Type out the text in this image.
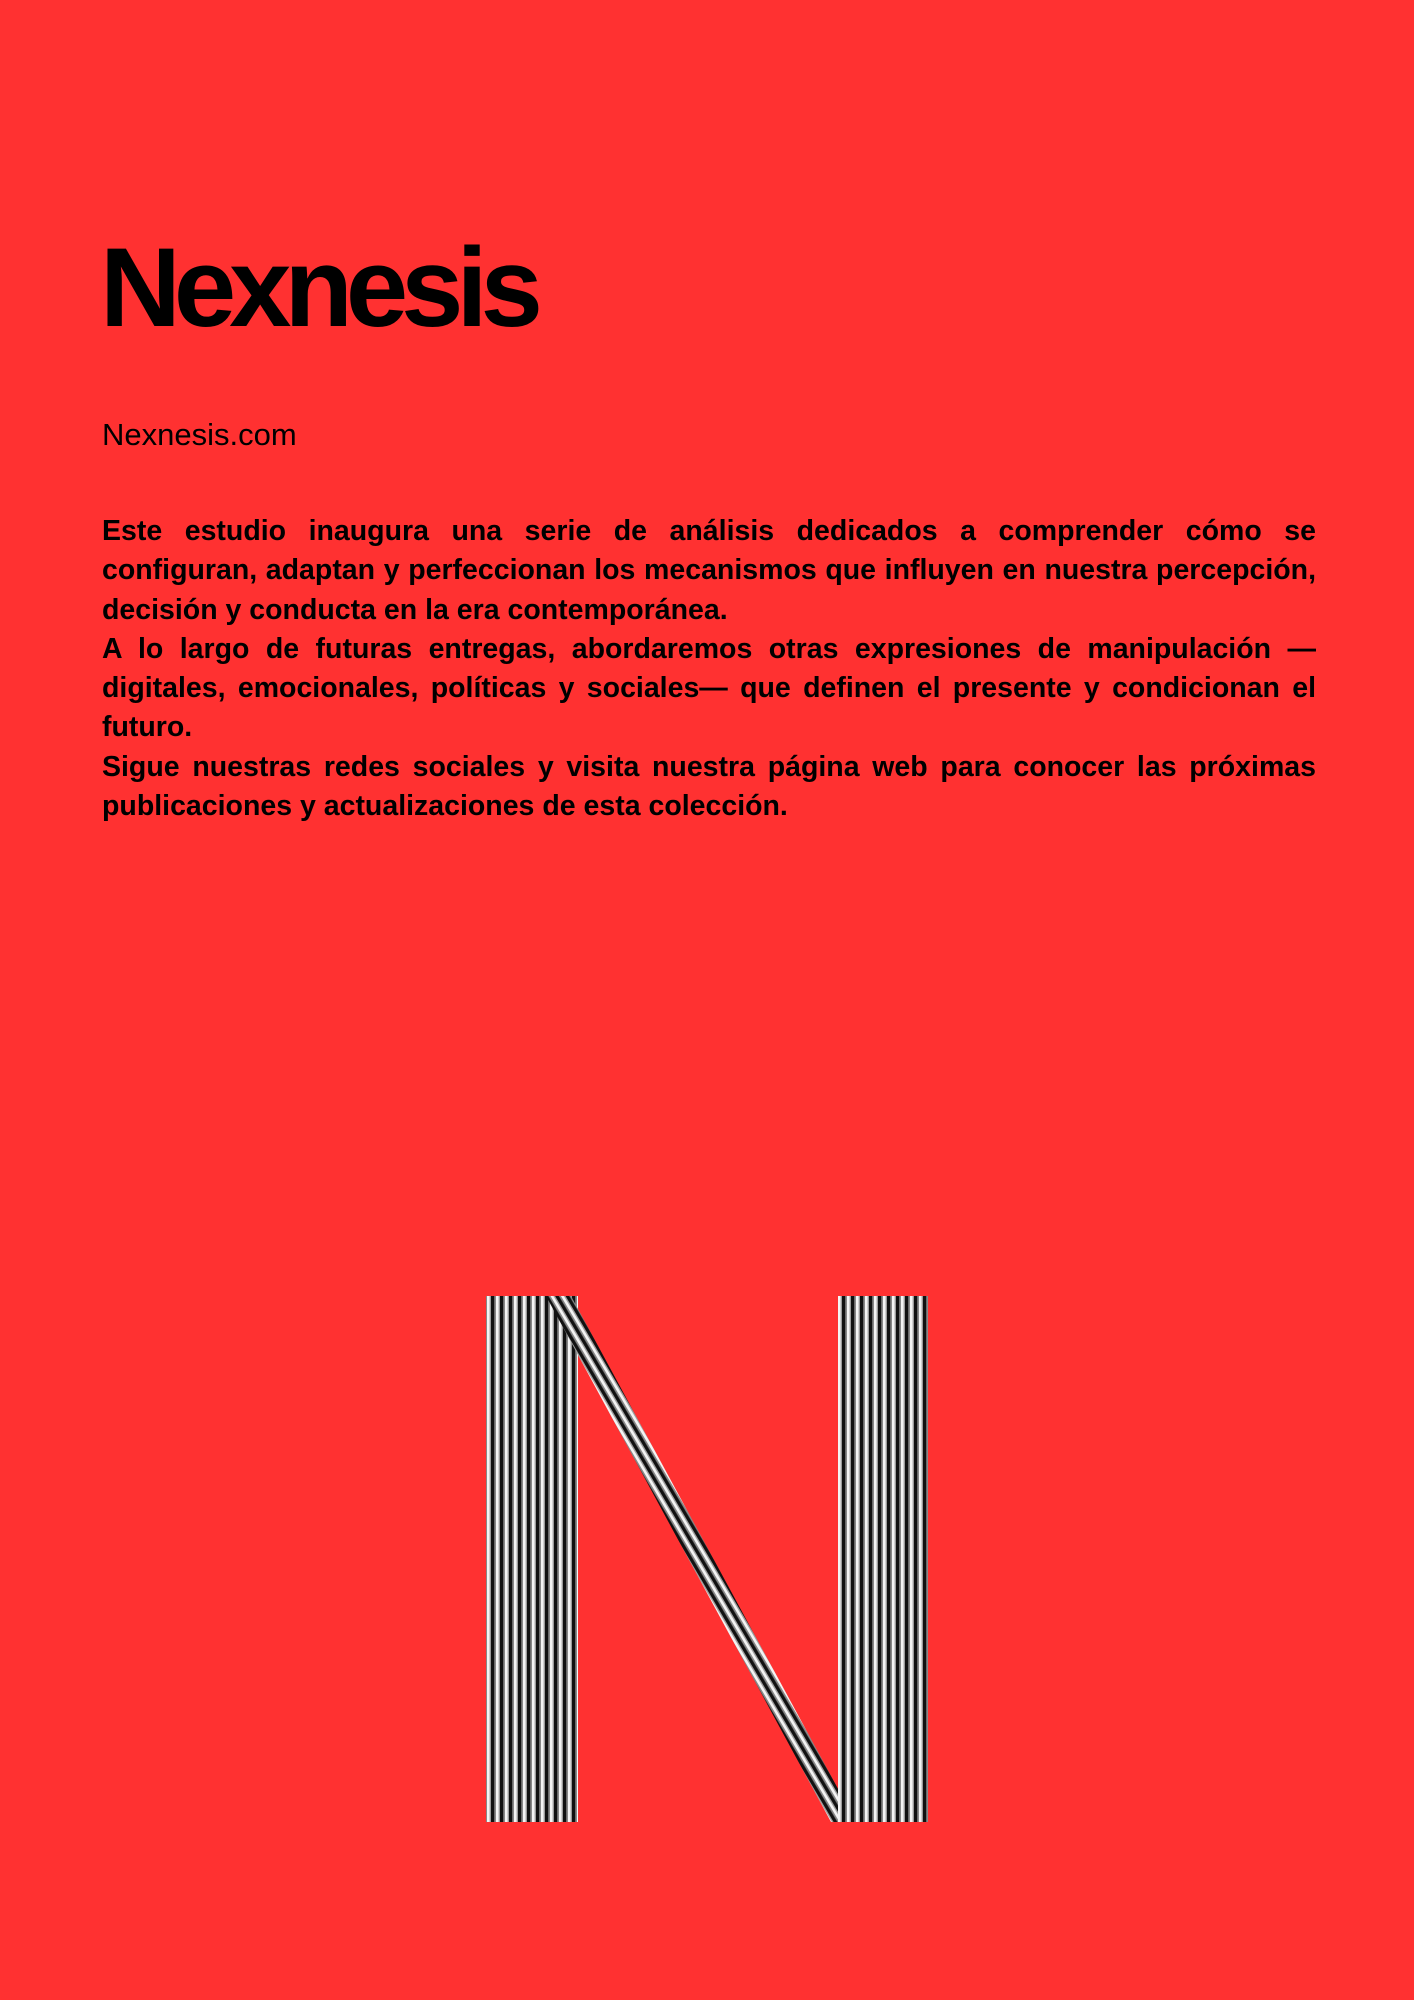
Nexnesis
Nexnesis.com

Este estudio inaugura una serie de análisis dedicados a comprender cómo se configuran, adaptan y perfeccionan los mecanismos que influyen en nuestra percepción, decisión y conducta en la era contemporánea.

A lo largo de futuras entregas, abordaremos otras expresiones de manipulación —digitales, emocionales, políticas y sociales— que definen el presente y condicionan el futuro.

Sigue nuestras redes sociales y visita nuestra página web para conocer las próximas publicaciones y actualizaciones de esta colección.
